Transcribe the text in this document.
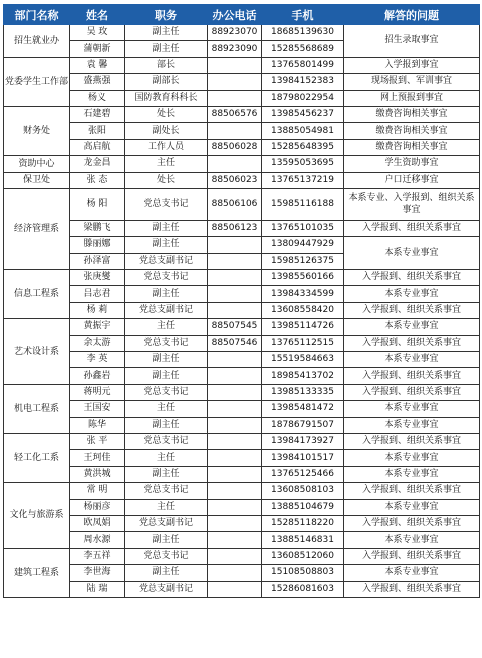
部门名称	姓名	职务	办公电话	手机	解答的问题
招生就业办	吴 玫	副主任	88923070	18685139630	招生录取事宜
	蒲朝新	副主任	88923090	15285568689	
党委学生工作部	袁 馨	部长		13765801499	入学报到事宜
	盛燕强	副部长		13984152383	现场报到、军训事宜
	杨义	国防教育科科长		18798022954	网上预报到事宜
财务处	石建碧	处长	88506576	13985456237	缴费咨询相关事宜
	张阳	副处长		13885054981	缴费咨询相关事宜
	高启航	工作人员	88506028	15285648395	缴费咨询相关事宜
资助中心	龙金昌	主任		13595053695	学生资助事宜
保卫处	张 态	处长	88506023	13765137219	户口迁移事宜
经济管理系	杨 阳	党总支书记	88506106	15985116188	本系专业、入学报到、组织关系事宜
	梁鹏飞	副主任	88506123	13765101035	入学报到、组织关系事宜
	滕丽娜	副主任		13809447929	本系专业事宜
	孙泽富	党总支副书记		15985126375	
信息工程系	张庚燮	党总支书记		13985560166	入学报到、组织关系事宜
	吕志君	副主任		13984334599	本系专业事宜
	杨 莉	党总支副书记		13608558420	入学报到、组织关系事宜
艺术设计系	黄振宇	主任	88507545	13985114726	本系专业事宜
	余太游	党总支书记	88507546	13765112515	入学报到、组织关系事宜
	李 英	副主任		15519584663	本系专业事宜
	孙鑫岩	副主任		18985413702	入学报到、组织关系事宜
机电工程系	蒋明元	党总支书记		13985133335	入学报到、组织关系事宜
	王国安	主任		13985481472	本系专业事宜
	陈华	副主任		18786791507	本系专业事宜
轻工化工系	张 平	党总支书记		13984173927	入学报到、组织关系事宜
	王珂佳	主任		13984101517	本系专业事宜
	黄洪城	副主任		13765125466	本系专业事宜
文化与旅游系	常 明	党总支书记		13608508103	入学报到、组织关系事宜
	杨丽彦	主任		13885104679	本系专业事宜
	欧凤娟	党总支副书记		15285118220	入学报到、组织关系事宜
	周水源	副主任		13885146831	本系专业事宜
建筑工程系	李五祥	党总支书记		13608512060	入学报到、组织关系事宜
	李世海	副主任		15108508803	本系专业事宜
	陆 瑞	党总支副书记		15286081603	入学报到、组织关系事宜
